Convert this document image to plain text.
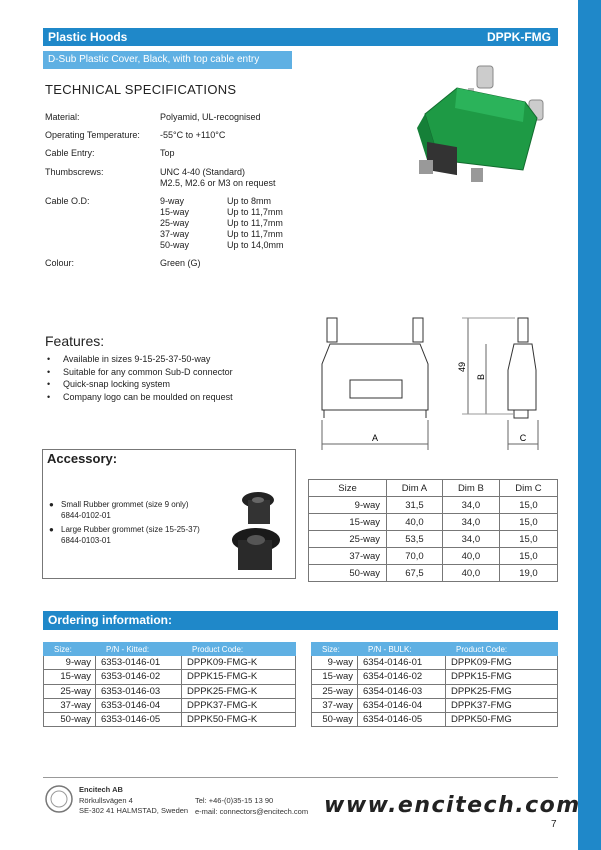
Plastic Hoods	DPPK-FMG
D-Sub Plastic Cover, Black, with top cable entry
TECHNICAL SPECIFICATIONS
Material:	Polyamid, UL-recognised
Operating Temperature: -55°C to +110°C
Cable Entry:	Top
Thumbscrews:	UNC 4-40 (Standard)
M2.5, M2.6 or M3 on request
Cable O.D:	9-way	Up to 8mm
15-way	Up to 11,7mm
25-way	Up to 11,7mm
37-way	Up to 11,7mm
50-way	Up to 14,0mm
Colour:	Green (G)
A	C
49
B
Features:
• Available in sizes 9-15-25-37-50-way
• Suitable for any common Sub-D connector
• Quick-snap locking system
• Company logo can be moulded on request
Accessory:
● Small Rubber grommet (size 9 only)
6844-0102-01
● Large Rubber grommet (size 15-25-37)
6844-0103-01
Size	Dim A	Dim B	Dim C
9-way	31,5	34,0	15,0
15-way	40,0	34,0	15,0
25-way	53,5	34,0	15,0
37-way	70,0	40,0	15,0
50-way	67,5	40,0	19,0
Ordering information:
Size:	P/N - Kitted:	Product Code:
9-way	6353-0146-01	DPPK09-FMG-K
15-way	6353-0146-02	DPPK15-FMG-K
25-way	6353-0146-03	DPPK25-FMG-K
37-way	6353-0146-04	DPPK37-FMG-K
50-way	6353-0146-05	DPPK50-FMG-K
Size:	P/N - BULK:	Product Code:
9-way	6354-0146-01	DPPK09-FMG
15-way	6354-0146-02	DPPK15-FMG
25-way	6354-0146-03	DPPK25-FMG
37-way	6354-0146-04	DPPK37-FMG
50-way	6354-0146-05	DPPK50-FMG
Encitech AB
Rörkullsvägen 4
SE-302 41 HALMSTAD, Sweden
Tel: +46-(0)35-15 13 90
e-mail: connectors@encitech.com www.encitech.com
7
